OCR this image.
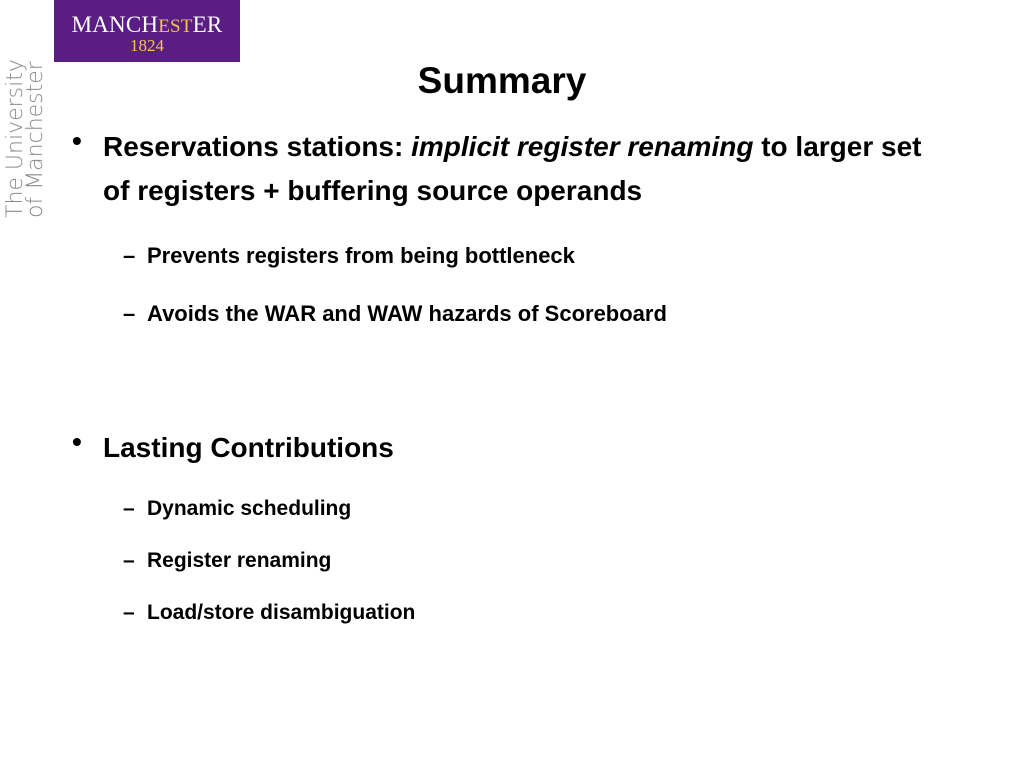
MANCHESTER
1824
The University
of Manchester	Summary
• Reservations stations: implicit register renaming to larger set of registers + buffering source operands
– Prevents registers from being bottleneck
– Avoids the WAR and WAW hazards of Scoreboard
• Lasting Contributions
– Dynamic scheduling
– Register renaming
– Load/store disambiguation
